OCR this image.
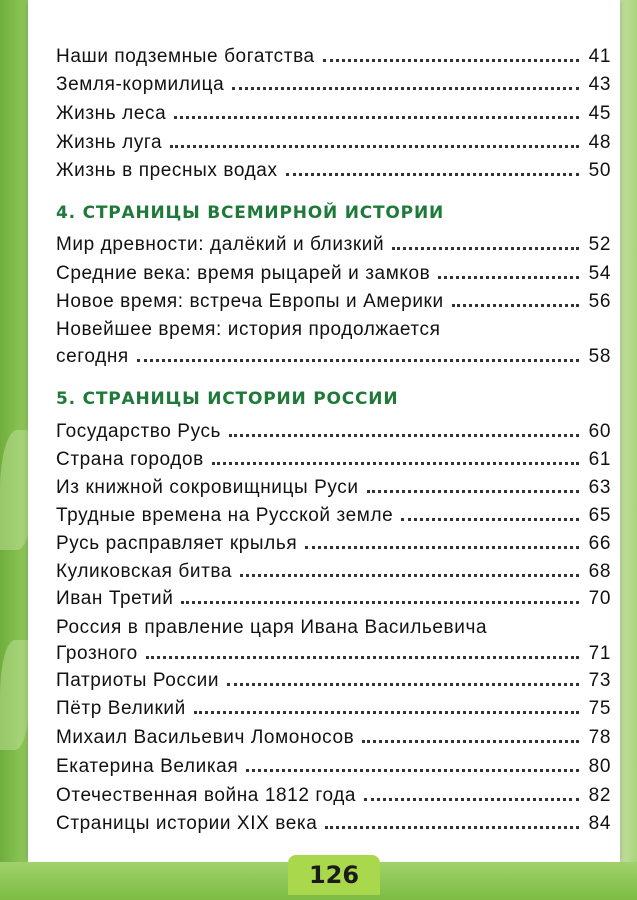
Наши подземные богатства	41
Земля-кормилица	43
Жизнь леса	45
Жизнь луга	48
Жизнь в пресных водах	50
4. СТРАНИЦЫ ВСЕМИРНОЙ ИСТОРИИ
Мир древности: далёкий и близкий	52
Средние века: время рыцарей и замков	54
Новое время: встреча Европы и Америки	56
Новейшее время: история продолжается
сегодня	58
5. СТРАНИЦЫ ИСТОРИИ РОССИИ
Государство Русь	60
Страна городов	61
Из книжной сокровищницы Руси	63
Трудные времена на Русской земле	65
Русь расправляет крылья	66
Куликовская битва	68
Иван Третий	70
Россия в правление царя Ивана Васильевича
Грозного	71
Патриоты России	73
Пётр Великий	75
Михаил Васильевич Ломоносов	78
Екатерина Великая	80
Отечественная война 1812 года	82
Страницы истории XIX века	84
126
